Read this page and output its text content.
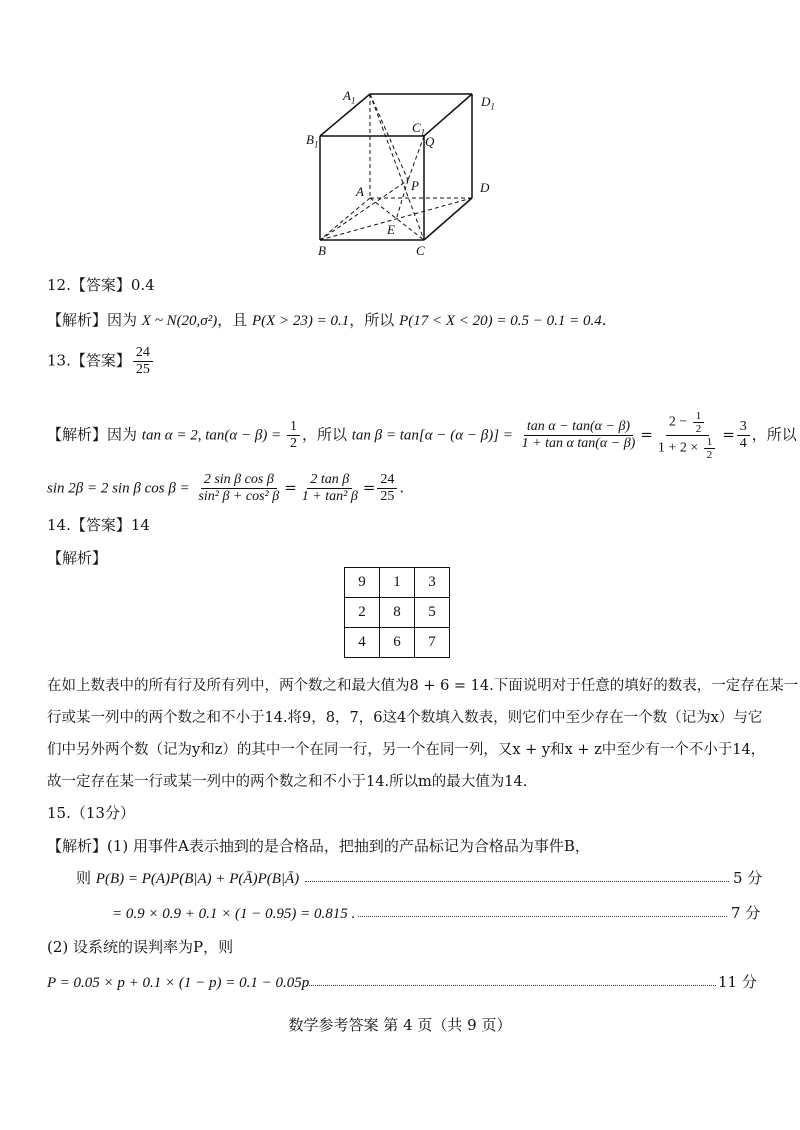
$A_1$	$D_1$
$B_1$
$C_1$
Q
A	P	D
E
B	C
12.【答案】0.4
【解析】因为 X ~ N(20,σ²)，且 P(X > 23) = 0.1，所以 P(17 < X < 20) = 0.5 − 0.1 = 0.4.
13.【答案】 $\frac{24}{25}$
【解析】因为 tan α = 2, $\tan(\alpha - \beta) = \frac{1}{2}$ ，所以 $\tan \beta = \tan[\alpha - (\alpha - \beta)] = \frac{\text{tan α − tan(α − β)}}{\text{1 + tan α tan(α − β)}} = \frac{2 - \frac{1}{2}}{1 + 2 \times \frac{1}{2}} = \frac{3}{4}$ ，所以
sin 2β = 2 sin β $\cos \beta = \frac{\text{2 sin β cos β}}{\text{sin² β + cos² β}} = \frac{\text{2 tan β}}{\text{1 + tan² β}} = \frac{24}{25}$ .
14.【答案】14
【解析】
9	1	3
2	8	5
4	6	7
在如上数表中的所有行及所有列中，两个数之和最大值为8 + 6 = 14.下面说明对于任意的填好的数表，一定存在某一
行或某一列中的两个数之和不小于14.将9，8，7，6这4个数填入数表，则它们中至少存在一个数（记为x）与它
们中另外两个数（记为y和z）的其中一个在同一行，另一个在同一列，又x + y和x + z中至少有一个不小于14，
故一定存在某一行或某一列中的两个数之和不小于14.所以m的最大值为14.
15.（13分）
【解析】(1) 用事件A表示抽到的是合格品，把抽到的产品标记为合格品为事件B，
则 P(B) = P(A)P(B|A) + P(Ā)P(B|Ā)	5 分
= 0.9 × 0.9 + 0.1 × (1 − 0.95) = 0.815 .	7 分
(2) 设系统的误判率为P，则
P = 0.05 × p + 0.1 × (1 − p) = 0.1 − 0.05p	11 分
数学参考答案 第 4 页（共 9 页）
